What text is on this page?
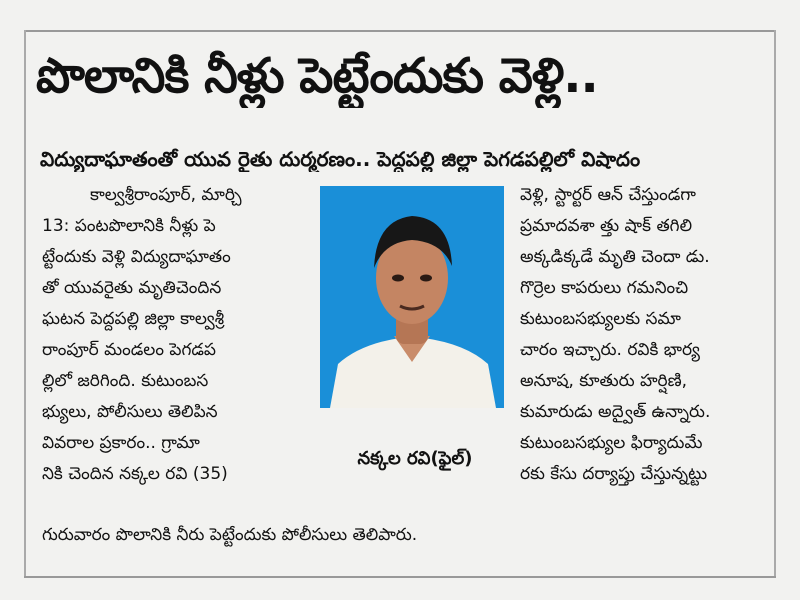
పొలానికి నీళ్లు పెట్టేందుకు వెళ్లి..
విద్యుదాఘాతంతో యువ రైతు దుర్మరణం.. పెద్దపల్లి జిల్లా పెగడపల్లిలో విషాదం
కాల్వశ్రీరాంపూర్, మార్చి
13: పంటపొలానికి నీళ్లు పె
ట్టేందుకు వెళ్లి విద్యుదాఘాతం
తో యువరైతు మృతిచెందిన
ఘటన పెద్దపల్లి జిల్లా కాల్వశ్రీ
రాంపూర్ మండలం పెగడప
ల్లిలో జరిగింది. కుటుంబస
భ్యులు, పోలీసులు తెలిపిన
వివరాల ప్రకారం.. గ్రామా
నికి చెందిన నక్కల రవి (35)
నక్కల రవి(ఫైల్)
వెళ్లి, స్టార్టర్ ఆన్ చేస్తుండగా
ప్రమాదవశా త్తు షాక్ తగిలి
అక్కడిక్కడే మృతి చెందా డు.
గొర్రెల కాపరులు గమనించి
కుటుంబసభ్యులకు సమా
చారం ఇచ్చారు. రవికి భార్య
అనూష, కూతురు హర్షిణి,
కుమారుడు అద్వైత్ ఉన్నారు.
కుటుంబసభ్యుల ఫిర్యాదుమే
రకు కేసు దర్యాప్తు చేస్తున్నట్టు
గురువారం పొలానికి నీరు పెట్టేందుకు పోలీసులు తెలిపారు.
